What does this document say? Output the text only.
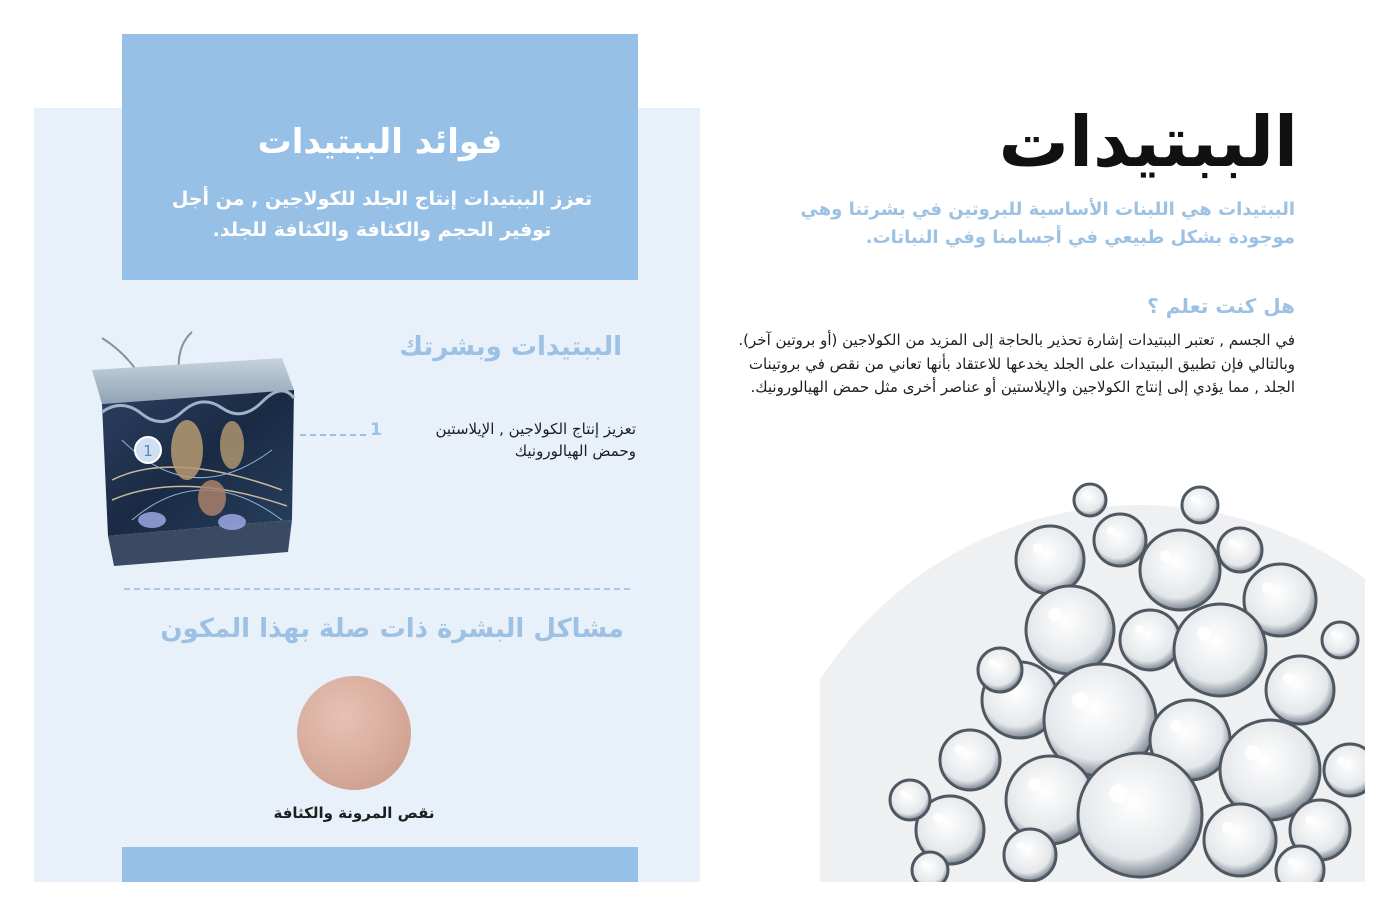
فوائد الببتيدات
تعزز الببتيدات إنتاج الجلد للكولاجين , من أجل توفير الحجم والكثافة والكثافة للجلد.
الببتيدات وبشرتك
1
1	تعزيز إنتاج الكولاجين , الإيلاستين وحمض الهيالورونيك
مشاكل البشرة ذات صلة بهذا المكون
نقص المرونة والكثافة
الببتيدات
الببتيدات هي اللبنات الأساسية للبروتين في بشرتنا وهي موجودة بشكل طبيعي في أجسامنا وفي النباتات.
هل كنت تعلم ؟
في الجسم , تعتبر الببتيدات إشارة تحذير بالحاجة إلى المزيد من الكولاجين (أو بروتين آخر). وبالتالي فإن تطبيق الببتيدات على الجلد يخدعها للاعتقاد بأنها تعاني من نقص في بروتينات الجلد , مما يؤدي إلى إنتاج الكولاجين والإيلاستين أو عناصر أخرى مثل حمض الهيالورونيك.
